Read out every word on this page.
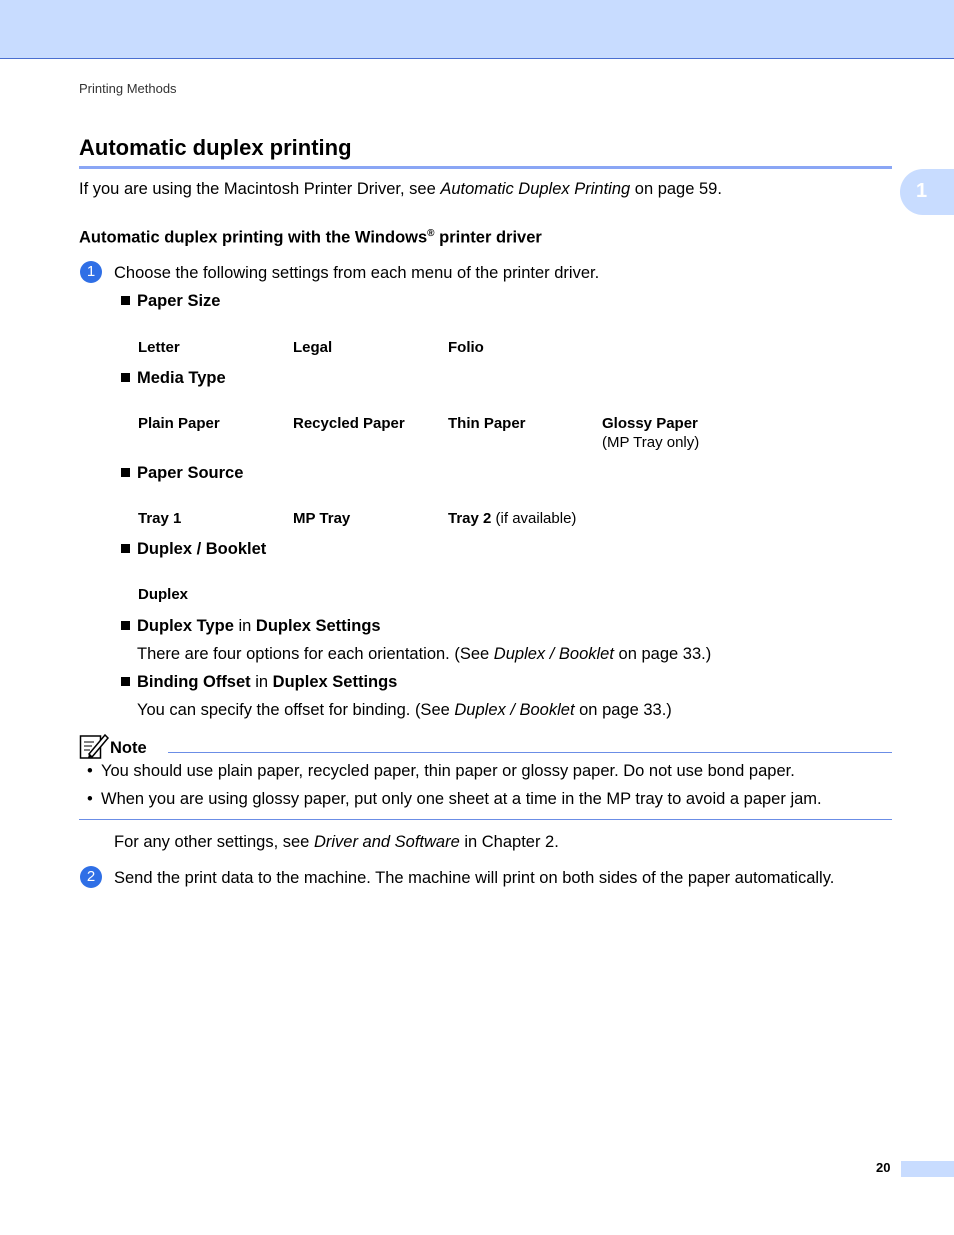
Printing Methods
1
Automatic duplex printing
If you are using the Macintosh Printer Driver, see Automatic Duplex Printing on page 59.
Automatic duplex printing with the Windows® printer driver
1	Choose the following settings from each menu of the printer driver.
Paper Size
Letter	Legal	Folio
Media Type
Plain Paper	Recycled Paper	Thin Paper	Glossy Paper
(MP Tray only)
Paper Source
Tray 1	MP Tray	Tray 2 (if available)
Duplex / Booklet
Duplex
Duplex Type in Duplex Settings
There are four options for each orientation. (See Duplex / Booklet on page 33.)
Binding Offset in Duplex Settings
You can specify the offset for binding. (See Duplex / Booklet on page 33.)
Note
• You should use plain paper, recycled paper, thin paper or glossy paper. Do not use bond paper.
• When you are using glossy paper, put only one sheet at a time in the MP tray to avoid a paper jam.
For any other settings, see Driver and Software in Chapter 2.
2	Send the print data to the machine. The machine will print on both sides of the paper automatically.
20
